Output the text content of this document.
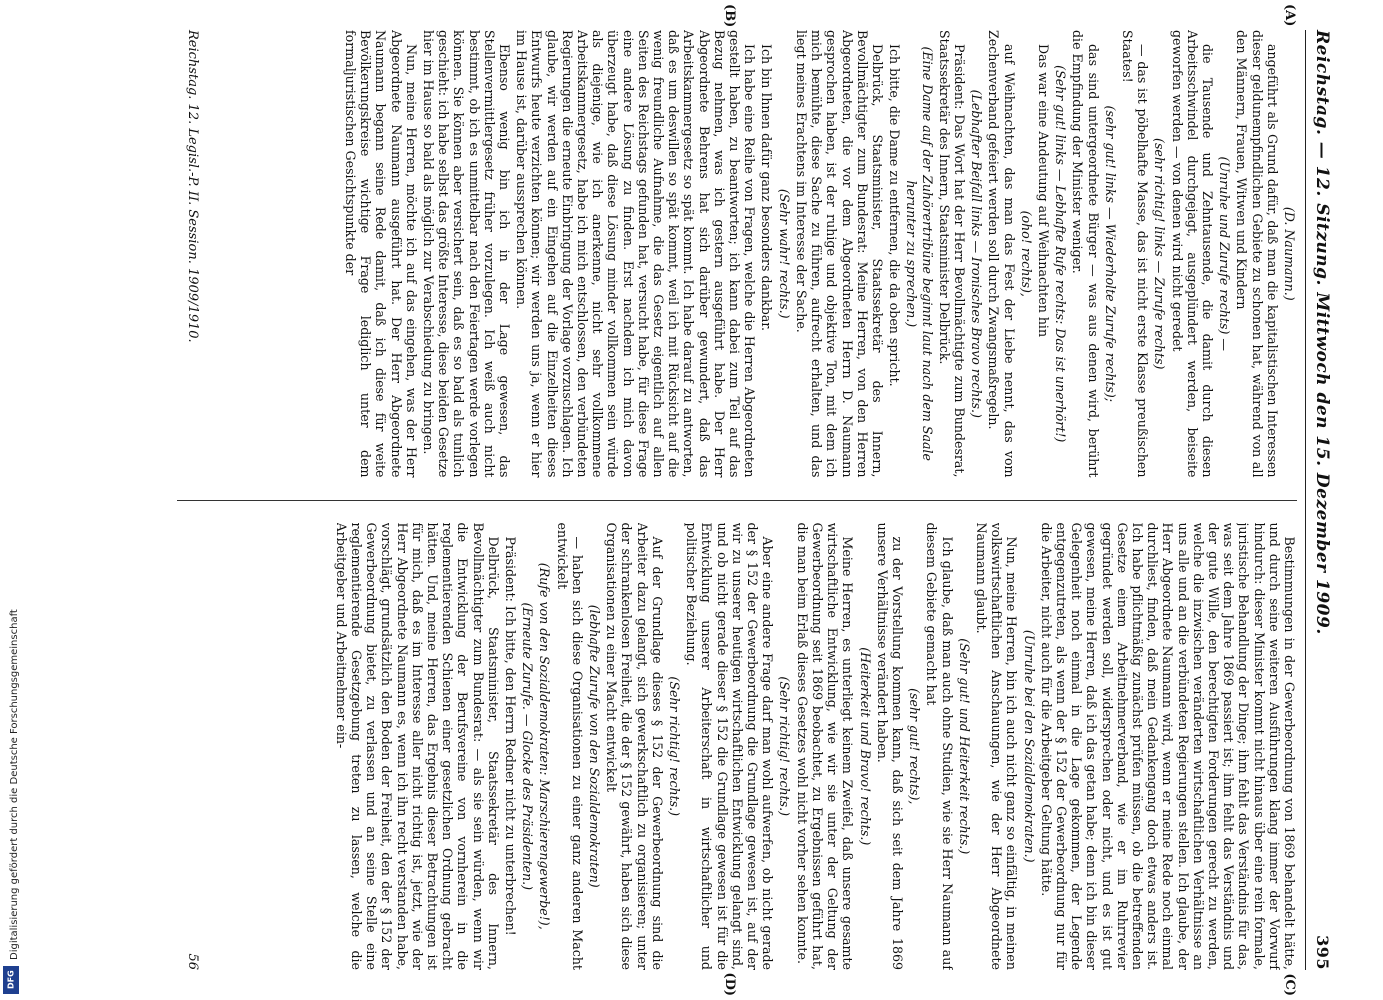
Digitalisierung gefördert durch die Deutsche Forschungsgemeinschaft
DFG
Reichstag. — 12. Sitzung. Mittwoch den 15. Dezember 1909.
395
(A)
(B)
(C)
(D)

(D. Naumann.)

angeführt als Grund dafür, daß man die kapitalistischen Interessen dieser geldunempfindlichen Gebiete zu schonen hat, während von all den Männern, Frauen, Witwen und Kindern

(Unruhe und Zurufe rechts) —

die Tausende und Zehntausende, die damit durch diesen Arbeitsschwindel durchgejagt, ausgeplündert werden, beiseite geworfen werden — von denen wird nicht geredet

(sehr richtig! links — Zurufe rechts)

— das ist pöbelhafte Masse, das ist nicht erste Klasse preußischen Staates!

(sehr gut! links — Wiederholte Zurufe rechts);

das sind untergeordnete Bürger — was aus denen wird, berührt die Empfindung der Minister weniger.

(Sehr gut! links — Lebhafte Rufe rechts: Das ist unerhört!)

Das war eine Andeutung auf Weihnachten hin

(oho! rechts),

auf Weihnachten, das man das Fest der Liebe nennt, das vom Zechenverband gefeiert werden soll durch Zwangsmaßregeln.

(Lebhafter Beifall links — Ironisches Bravo rechts.)

Präsident: Das Wort hat der Herr Bevollmächtigte zum Bundesrat, Staatssekretär des Innern, Staatsminister Delbrück.

(Eine Dame auf der Zuhörertribüne beginnt laut nach dem Saale herunter zu sprechen.)

Ich bitte, die Dame zu entfernen, die da oben spricht.

Delbrück, Staatsminister, Staatssekretär des Innern, Bevollmächtigter zum Bundesrat: Meine Herren, von den Herren Abgeordneten, die vor dem Abgeordneten Herrn D. Naumann gesprochen haben, ist der ruhige und objektive Ton, mit dem ich mich bemühte, diese Sache zu führen, aufrecht erhalten, und das liegt meines Erachtens im Interesse der Sache.

(Sehr wahr! rechts.)

Ich bin Ihnen dafür ganz besonders dankbar.

Ich habe eine Reihe von Fragen, welche die Herren Abgeordneten gestellt haben, zu beantworten; ich kann dabei zum Teil auf das Bezug nehmen, was ich gestern ausgeführt habe. Der Herr Abgeordnete Behrens hat sich darüber gewundert, daß das Arbeitskammergesetz so spät kommt. Ich habe darauf zu antworten, daß es um deswillen so spät kommt, weil ich mit Rücksicht auf die wenig freundliche Aufnahme, die das Gesetz eigentlich auf allen Seiten des Reichstags gefunden hat, versucht habe, für diese Frage eine andere Lösung zu finden. Erst nachdem ich mich davon überzeugt habe, daß diese Lösung minder vollkommen sein würde als diejenige, wie ich anerkenne, nicht sehr vollkommene Arbeitskammergesetz, habe ich mich entschlossen, den verbündeten Regierungen die erneute Einbringung der Vorlage vorzuschlagen. Ich glaube, wir werden auf ein Eingehen auf die Einzelheiten dieses Entwurfs heute verzichten können; wir werden uns ja, wenn er hier im Hause ist, darüber aussprechen können.

Ebenso wenig bin ich in der Lage gewesen, das Stellenvermittlergesetz früher vorzulegen. Ich weiß auch nicht bestimmt, ob ich es unmittelbar nach den Feiertagen werde vorlegen können. Sie können aber versichert sein, daß es so bald als tunlich geschieht: ich habe selbst das größte Interesse, diese beiden Gesetze hier im Hause so bald als möglich zur Verabschiedung zu bringen.

Nun, meine Herren, möchte ich auf das eingehen, was der Herr Abgeordnete Naumann ausgeführt hat. Der Herr Abgeordnete Naumann begann seine Rede damit, daß ich diese für weite Bevölkerungskreise wichtige Frage lediglich unter dem formaljuristischen Gesichtspunkte der

Bestimmungen in der Gewerbeordnung von 1869 behandelt hätte, und durch seine weiteren Ausführungen klang immer der Vorwurf hindurch: dieser Minister kommt nicht hinaus über eine rein formale, juristische Behandlung der Dinge; ihm fehlt das Verständnis für das, was seit dem Jahre 1869 passiert ist; ihm fehlt das Verständnis und der gute Wille, den berechtigten Forderungen gerecht zu werden, welche die inzwischen veränderten wirtschaftlichen Verhältnisse an uns alle und an die verbündeten Regierungen stellen. Ich glaube, der Herr Abgeordnete Naumann wird, wenn er meine Rede noch einmal durchliest, finden, daß mein Gedankengang doch etwas anders ist. Ich habe pflichtmäßig zunächst prüfen müssen, ob die betreffenden Gesetze einem Arbeitnehmerverband, wie er im Ruhrrevier gegründet werden soll, widersprechen oder nicht, und es ist gut gewesen, meine Herren, daß ich das getan habe; denn ich bin dieser Gelegenheit noch einmal in die Lage gekommen, der Legende entgegenzutreten, als wenn der § 152 der Gewerbeordnung nur für die Arbeiter, nicht auch für die Arbeitgeber Geltung hätte.

(Unruhe bei den Sozialdemokraten.)

Nun, meine Herren, bin ich auch nicht ganz so einfältig, in meinen volkswirtschaftlichen Anschauungen, wie der Herr Abgeordnete Naumann glaubt.

(Sehr gut! und Heiterkeit rechts.)

Ich glaube, daß man auch ohne Studien, wie sie Herr Naumann auf diesem Gebiete gemacht hat

(sehr gut! rechts),

zu der Vorstellung kommen kann, daß sich seit dem Jahre 1869 unsere Verhältnisse verändert haben.

(Heiterkeit und Bravo! rechts.)

Meine Herren, es unterliegt keinem Zweifel, daß unsere gesamte wirtschaftliche Entwicklung, wie wir sie unter der Geltung der Gewerbeordnung seit 1869 beobachtet, zu Ergebnissen geführt hat, die man beim Erlaß dieses Gesetzes wohl nicht vorher sehen konnte.

(Sehr richtig! rechts.)

Aber eine andere Frage darf man wohl aufwerfen, ob nicht gerade der § 152 der Gewerbeordnung die Grundlage gewesen ist, auf der wir zu unserer heutigen wirtschaftlichen Entwicklung gelangt sind, und ob nicht gerade dieser § 152 die Grundlage gewesen ist für die Entwicklung unserer Arbeiterschaft in wirtschaftlicher und politischer Beziehung.

(Sehr richtig! rechts.)

Auf der Grundlage dieses § 152 der Gewerbeordnung sind die Arbeiter dazu gelangt, sich gewerkschaftlich zu organisieren; unter der schrankenlosen Freiheit, die der § 152 gewährt, haben sich diese Organisationen zu einer Macht entwickelt

(lebhafte Zurufe von den Sozialdemokraten)

— haben sich diese Organisationen zu einer ganz anderen Macht entwickelt

(Rufe von den Sozialdemokraten: Marschierengewerbe!),

(Erneute Zurufe. — Glocke des Präsidenten.)

Präsident: Ich bitte, den Herrn Redner nicht zu unterbrechen!

Delbrück, Staatsminister, Staatssekretär des Innern, Bevollmächtigter zum Bundesrat: — als sie sein würden, wenn wir die Entwicklung der Berufsvereine von vornherein in die reglementierenden Schienen einer gesetzlichen Ordnung gebracht hätten. Und, meine Herren, das Ergebnis dieser Betrachtungen ist für mich, daß es im Interesse aller nicht richtig ist, jetzt, wie der Herr Abgeordnete Naumann es, wenn ich ihn recht verstanden habe, vorschlägt, grundsätzlich den Boden der Freiheit, den der § 152 der Gewerbeordnung bietet, zu verlassen und an seine Stelle eine reglementierende Gesetzgebung treten zu lassen, welche die Arbeitgeber und Arbeitnehmer ein-

Reichstag. 12. Legisl.-P. II. Session. 1909/1910.
56
